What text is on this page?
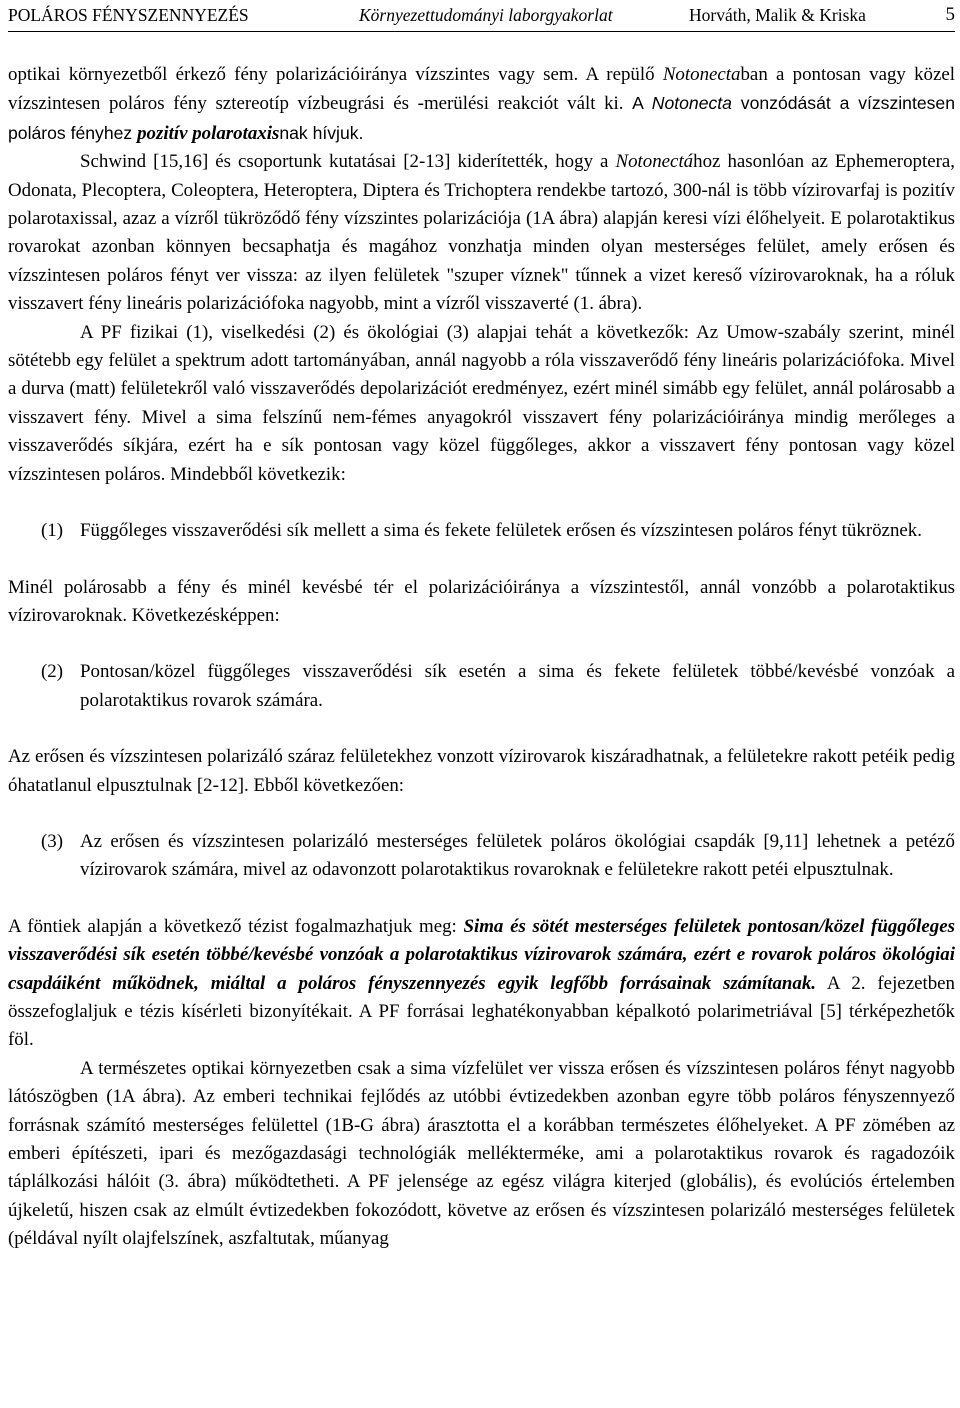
POLÁROS FÉNYSZENNYEZÉS	Környezettudományi laborgyakorlat	Horváth, Malik & Kriska	5

optikai környezetből érkező fény polarizációiránya vízszintes vagy sem. A repülő Notonectaban a pontosan vagy közel vízszintesen poláros fény sztereotíp vízbeugrási és -merülési reakciót vált ki. A Notonecta vonzódását a vízszintesen poláros fényhez pozitív polarotaxisnak hívjuk.

Schwind [15,16] és csoportunk kutatásai [2-13] kiderítették, hogy a Notonectához hasonlóan az Ephemeroptera, Odonata, Plecoptera, Coleoptera, Heteroptera, Diptera és Trichoptera rendekbe tartozó, 300-nál is több vízirovarfaj is pozitív polarotaxissal, azaz a vízről tükröződő fény vízszintes polarizációja (1A ábra) alapján keresi vízi élőhelyeit. E polarotaktikus rovarokat azonban könnyen becsaphatja és magához vonzhatja minden olyan mesterséges felület, amely erősen és vízszintesen poláros fényt ver vissza: az ilyen felületek "szuper víznek" tűnnek a vizet kereső vízirovaroknak, ha a róluk visszavert fény lineáris polarizációfoka nagyobb, mint a vízről visszaverté (1. ábra).

A PF fizikai (1), viselkedési (2) és ökológiai (3) alapjai tehát a következők: Az Umow-szabály szerint, minél sötétebb egy felület a spektrum adott tartományában, annál nagyobb a róla visszaverődő fény lineáris polarizációfoka. Mivel a durva (matt) felületekről való visszaverődés depolarizációt eredményez, ezért minél simább egy felület, annál polárosabb a visszavert fény. Mivel a sima felszínű nem-fémes anyagokról visszavert fény polarizációiránya mindig merőleges a visszaverődés síkjára, ezért ha e sík pontosan vagy közel függőleges, akkor a visszavert fény pontosan vagy közel vízszintesen poláros. Mindebből következik:

(1) Függőleges visszaverődési sík mellett a sima és fekete felületek erősen és vízszintesen poláros fényt tükröznek.

Minél polárosabb a fény és minél kevésbé tér el polarizációiránya a vízszintestől, annál vonzóbb a polarotaktikus vízirovaroknak. Következésképpen:

(2) Pontosan/közel függőleges visszaverődési sík esetén a sima és fekete felületek többé/kevésbé vonzóak a polarotaktikus rovarok számára.

Az erősen és vízszintesen polarizáló száraz felületekhez vonzott vízirovarok kiszáradhatnak, a felületekre rakott petéik pedig óhatatlanul elpusztulnak [2-12]. Ebből következően:

(3) Az erősen és vízszintesen polarizáló mesterséges felületek poláros ökológiai csapdák [9,11] lehetnek a petéző vízirovarok számára, mivel az odavonzott polarotaktikus rovaroknak e felületekre rakott petéi elpusztulnak.

A föntiek alapján a következő tézist fogalmazhatjuk meg: Sima és sötét mesterséges felületek pontosan/közel függőleges visszaverődési sík esetén többé/kevésbé vonzóak a polarotaktikus vízirovarok számára, ezért e rovarok poláros ökológiai csapdáiként működnek, miáltal a poláros fényszennyezés egyik legfőbb forrásainak számítanak. A 2. fejezetben összefoglaljuk e tézis kísérleti bizonyítékait. A PF forrásai leghatékonyabban képalkotó polarimetriával [5] térképezhetők föl.

A természetes optikai környezetben csak a sima vízfelület ver vissza erősen és vízszintesen poláros fényt nagyobb látószögben (1A ábra). Az emberi technikai fejlődés az utóbbi évtizedekben azonban egyre több poláros fényszennyező forrásnak számító mesterséges felülettel (1B-G ábra) árasztotta el a korábban természetes élőhelyeket. A PF zömében az emberi építészeti, ipari és mezőgazdasági technológiák mellékterméke, ami a polarotaktikus rovarok és ragadozóik táplálkozási hálóit (3. ábra) működtetheti. A PF jelensége az egész világra kiterjed (globális), és evolúciós értelemben újkeletű, hiszen csak az elmúlt évtizedekben fokozódott, követve az erősen és vízszintesen polarizáló mesterséges felületek (példával nyílt olajfelszínek, aszfaltutak, műanyag
